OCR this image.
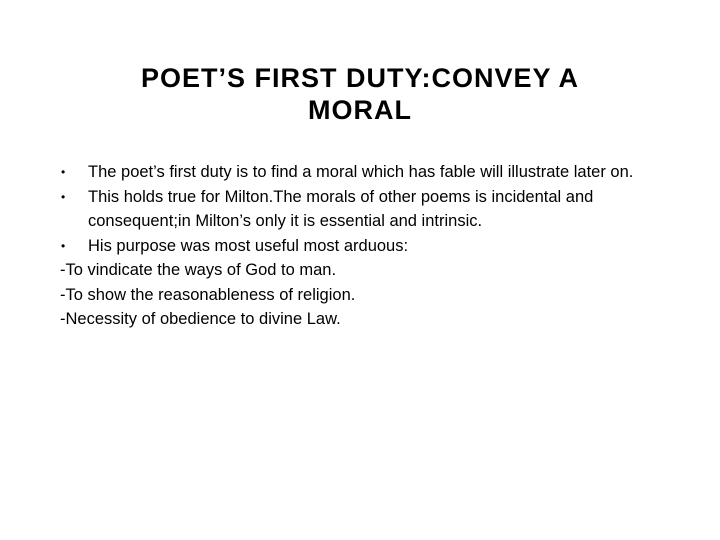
POET’S FIRST DUTY:CONVEY A
MORAL
• The poet’s first duty is to find a moral which has fable will illustrate later on.
• This holds true for Milton.The morals of other poems is incidental and consequent;in Milton’s only it is essential and intrinsic.
• His purpose was most useful most arduous:
-To vindicate the ways of God to man.
-To show the reasonableness of religion.
-Necessity of obedience to divine Law.
